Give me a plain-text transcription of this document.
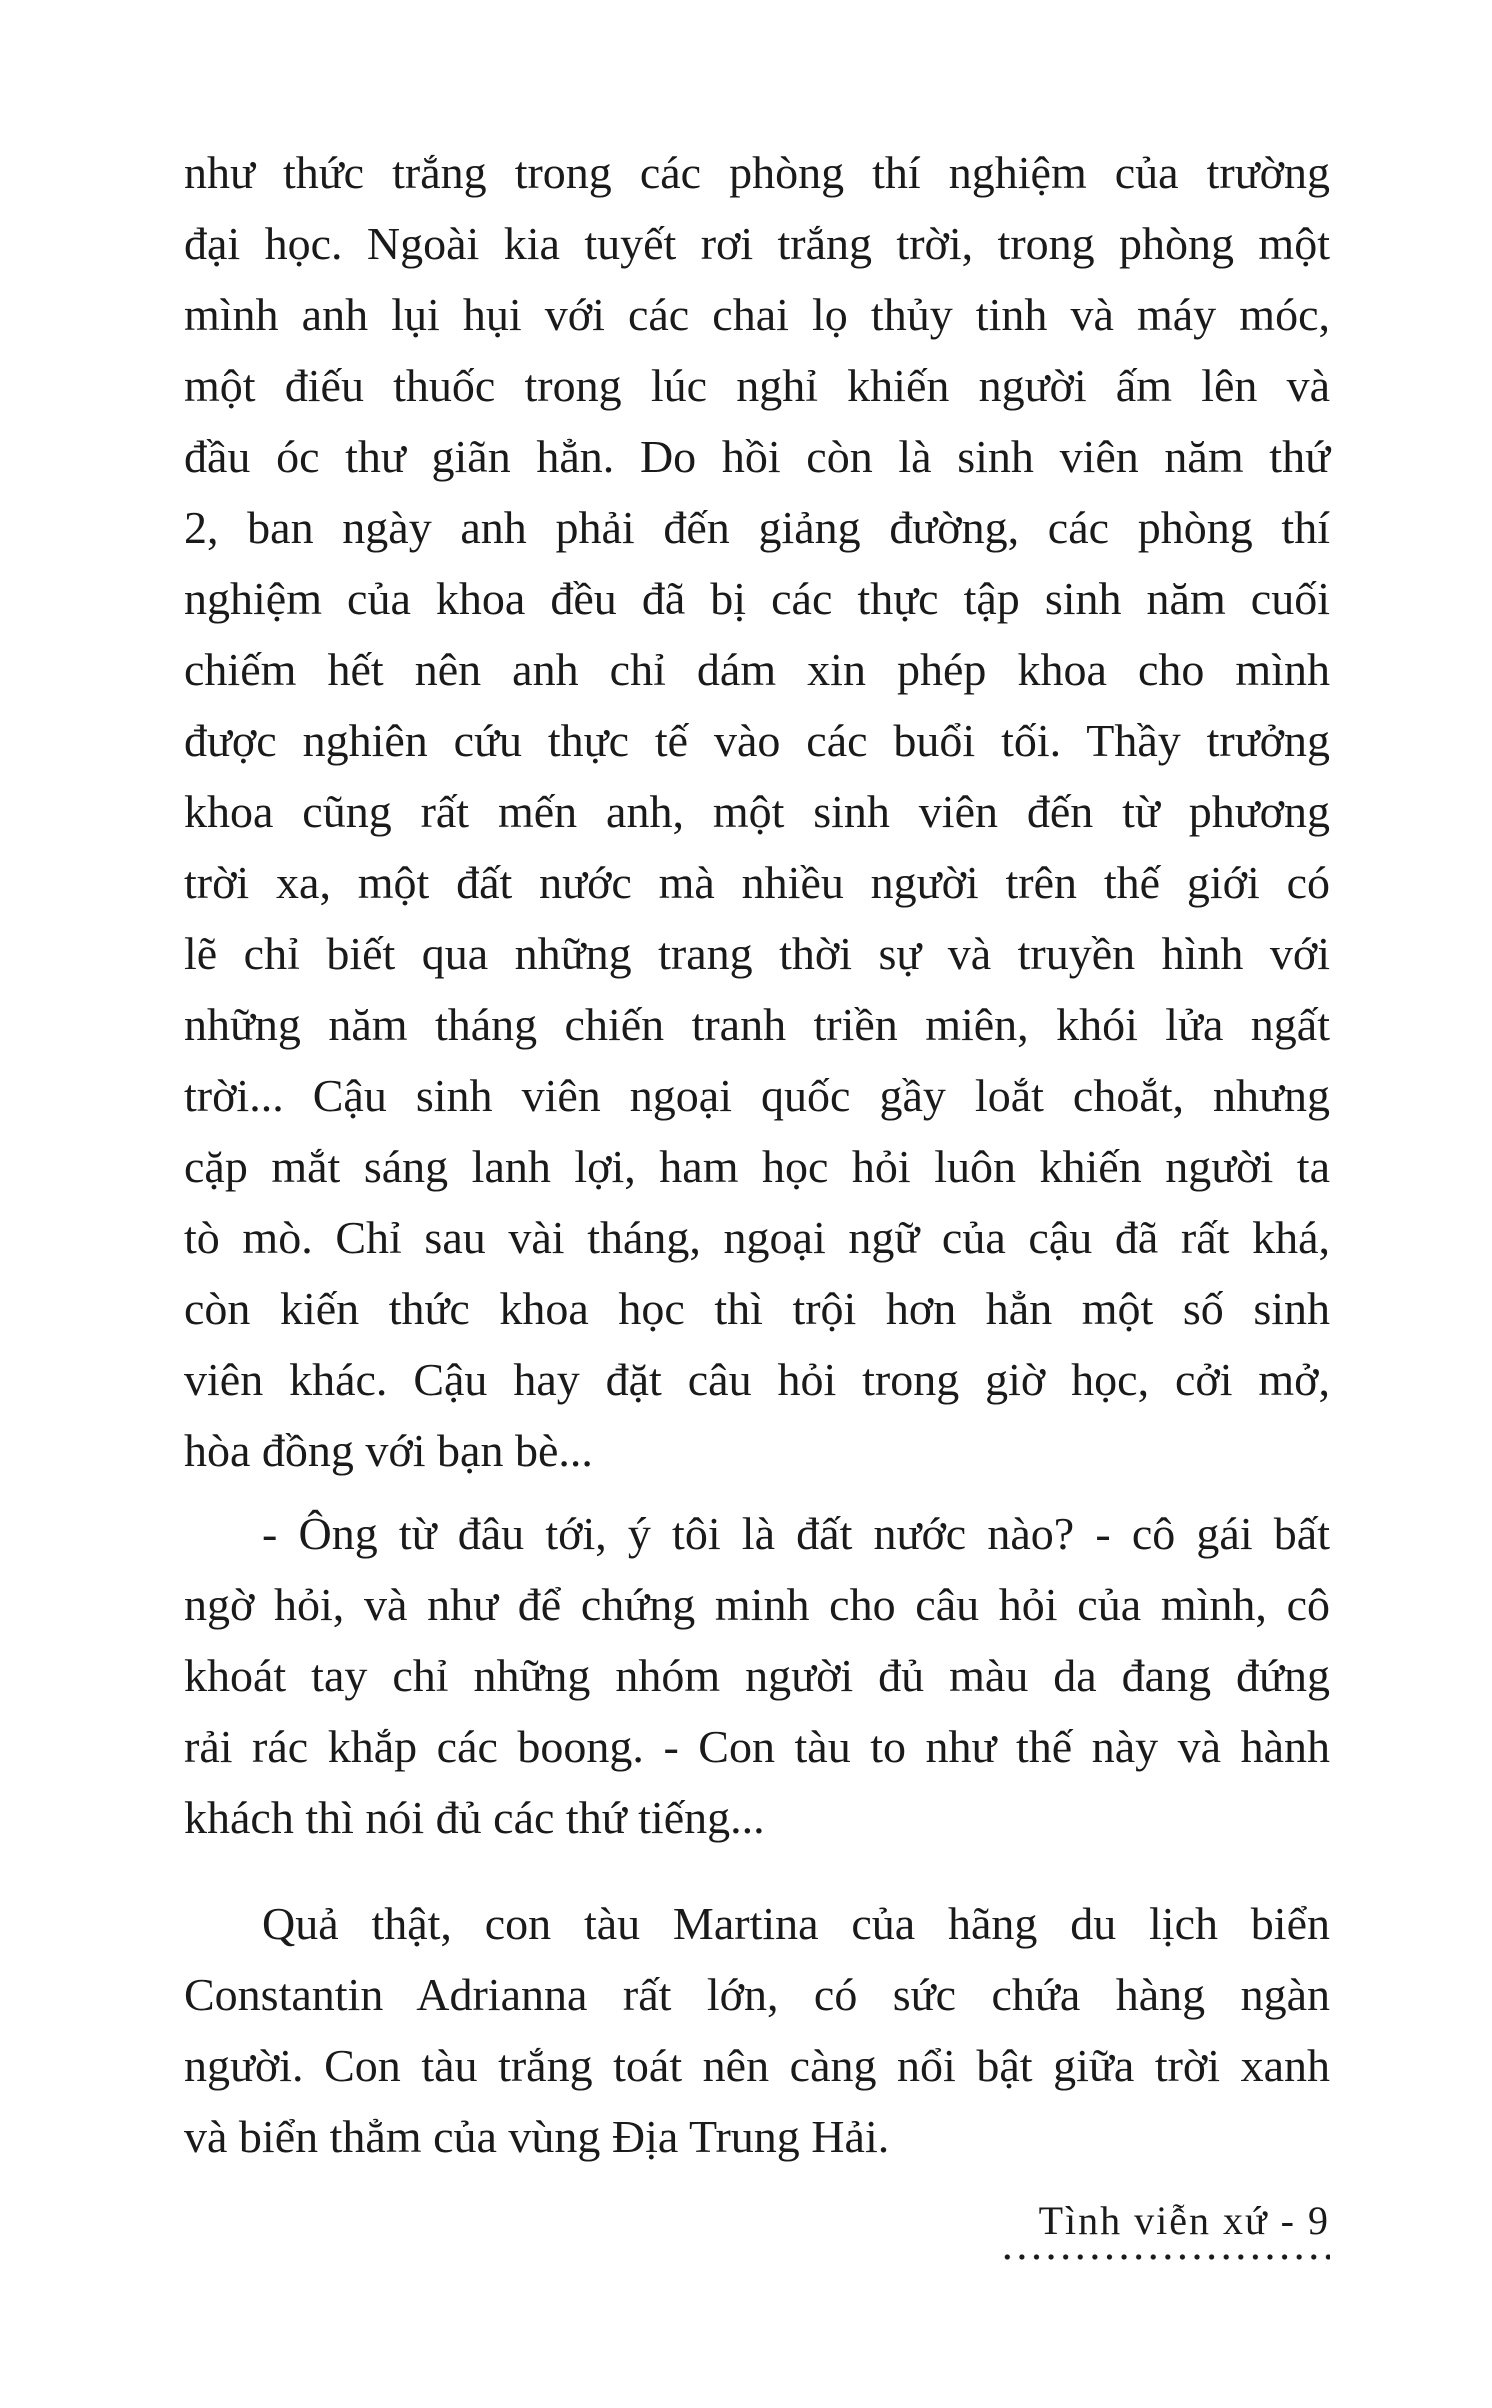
như thức trắng trong các phòng thí nghiệm của trường
đại học. Ngoài kia tuyết rơi trắng trời, trong phòng một
mình anh lụi hụi với các chai lọ thủy tinh và máy móc,
một điếu thuốc trong lúc nghỉ khiến người ấm lên và
đầu óc thư giãn hẳn. Do hồi còn là sinh viên năm thứ
2, ban ngày anh phải đến giảng đường, các phòng thí
nghiệm của khoa đều đã bị các thực tập sinh năm cuối
chiếm hết nên anh chỉ dám xin phép khoa cho mình
được nghiên cứu thực tế vào các buổi tối. Thầy trưởng
khoa cũng rất mến anh, một sinh viên đến từ phương
trời xa, một đất nước mà nhiều người trên thế giới có
lẽ chỉ biết qua những trang thời sự và truyền hình với
những năm tháng chiến tranh triền miên, khói lửa ngất
trời... Cậu sinh viên ngoại quốc gầy loắt choắt, nhưng
cặp mắt sáng lanh lợi, ham học hỏi luôn khiến người ta
tò mò. Chỉ sau vài tháng, ngoại ngữ của cậu đã rất khá,
còn kiến thức khoa học thì trội hơn hẳn một số sinh
viên khác. Cậu hay đặt câu hỏi trong giờ học, cởi mở,
hòa đồng với bạn bè...
- Ông từ đâu tới, ý tôi là đất nước nào? - cô gái bất
ngờ hỏi, và như để chứng minh cho câu hỏi của mình, cô
khoát tay chỉ những nhóm người đủ màu da đang đứng
rải rác khắp các boong. - Con tàu to như thế này và hành
khách thì nói đủ các thứ tiếng...
Quả thật, con tàu Martina của hãng du lịch biển
Constantin Adrianna rất lớn, có sức chứa hàng ngàn
người. Con tàu trắng toát nên càng nổi bật giữa trời xanh
và biển thẳm của vùng Địa Trung Hải.
Tình viễn xứ - 9
